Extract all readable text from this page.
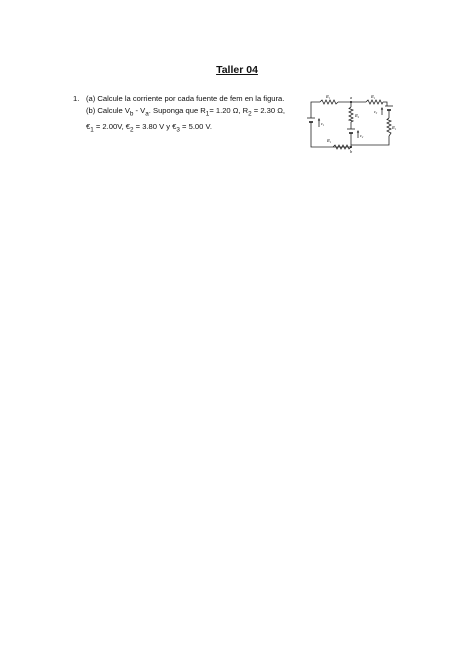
Taller 04
1. (a) Calcule la corriente por cada fuente de fem en la figura.

(b) Calcule $V_b - V_a$. Suponga que $R_1= 1.20$ Ω, $R_2 = 2.30$ Ω,

$€_1 = 2.00V$, $€_2 = 3.80$ V y $€_3 = 5.00$ V.

R₁	R₁
a
R₂
ε₃
R₁
ε₁
ε₂
R₁
b
